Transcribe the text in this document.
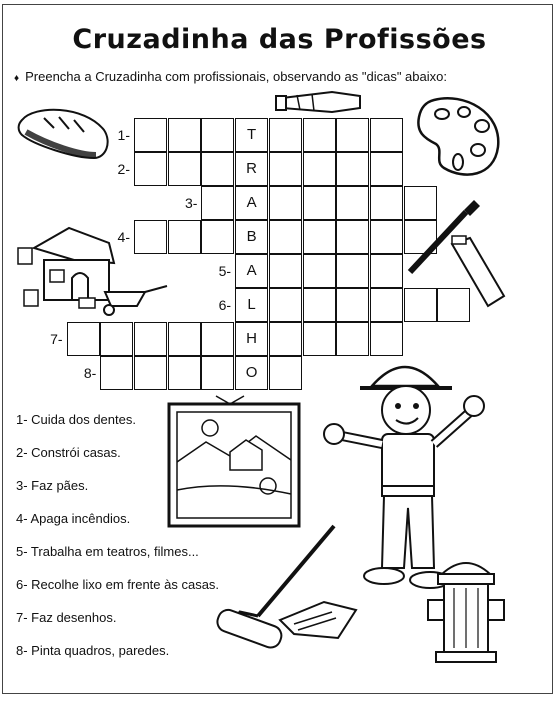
Cruzadinha das Profissões
♦ Preencha a Cruzadinha com profissionais, observando as "dicas" abaixo:
1-	T
2-	R
3-	A
4-	B
5-	A
6-	L
7-	H
8-	O
1- Cuida dos dentes.
2- Constrói casas.
3- Faz pães.
4- Apaga incêndios.
5- Trabalha em teatros, filmes...
6- Recolhe lixo em frente às casas.
7- Faz desenhos.
8- Pinta quadros, paredes.
